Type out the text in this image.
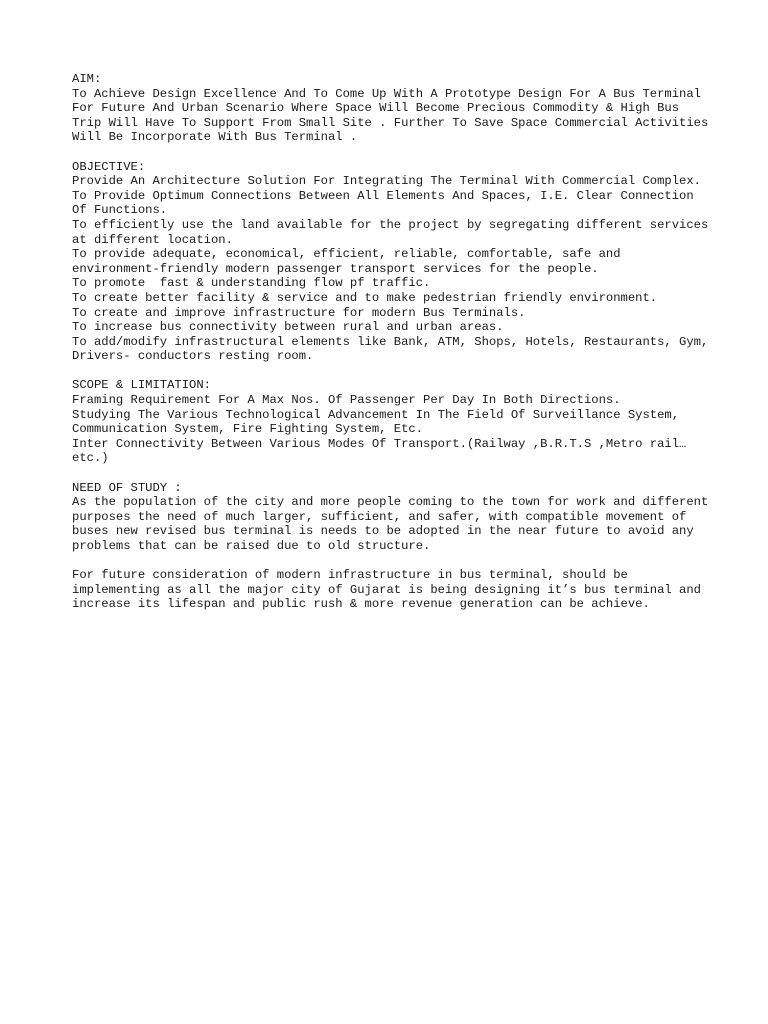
AIM:
To Achieve Design Excellence And To Come Up With A Prototype Design For A Bus Terminal For Future And Urban Scenario Where Space Will Become Precious Commodity & High Bus Trip Will Have To Support From Small Site . Further To Save Space Commercial Activities Will Be Incorporate With Bus Terminal .
OBJECTIVE:
Provide An Architecture Solution For Integrating The Terminal With Commercial Complex.
To Provide Optimum Connections Between All Elements And Spaces, I.E. Clear Connection Of Functions.
To efficiently use the land available for the project by segregating different services at different location.
To provide adequate, economical, efficient, reliable, comfortable, safe and environment-friendly modern passenger transport services for the people.
To promote  fast & understanding flow pf traffic.
To create better facility & service and to make pedestrian friendly environment.
To create and improve infrastructure for modern Bus Terminals.
To increase bus connectivity between rural and urban areas.
To add/modify infrastructural elements like Bank, ATM, Shops, Hotels, Restaurants, Gym, Drivers- conductors resting room.
SCOPE & LIMITATION:
Framing Requirement For A Max Nos. Of Passenger Per Day In Both Directions.
Studying The Various Technological Advancement In The Field Of Surveillance System, Communication System, Fire Fighting System, Etc.
Inter Connectivity Between Various Modes Of Transport.(Railway ,B.R.T.S ,Metro rail…etc.)
NEED OF STUDY :
As the population of the city and more people coming to the town for work and different purposes the need of much larger, sufficient, and safer, with compatible movement of buses new revised bus terminal is needs to be adopted in the near future to avoid any problems that can be raised due to old structure.
For future consideration of modern infrastructure in bus terminal, should be implementing as all the major city of Gujarat is being designing it’s bus terminal and increase its lifespan and public rush & more revenue generation can be achieve.
